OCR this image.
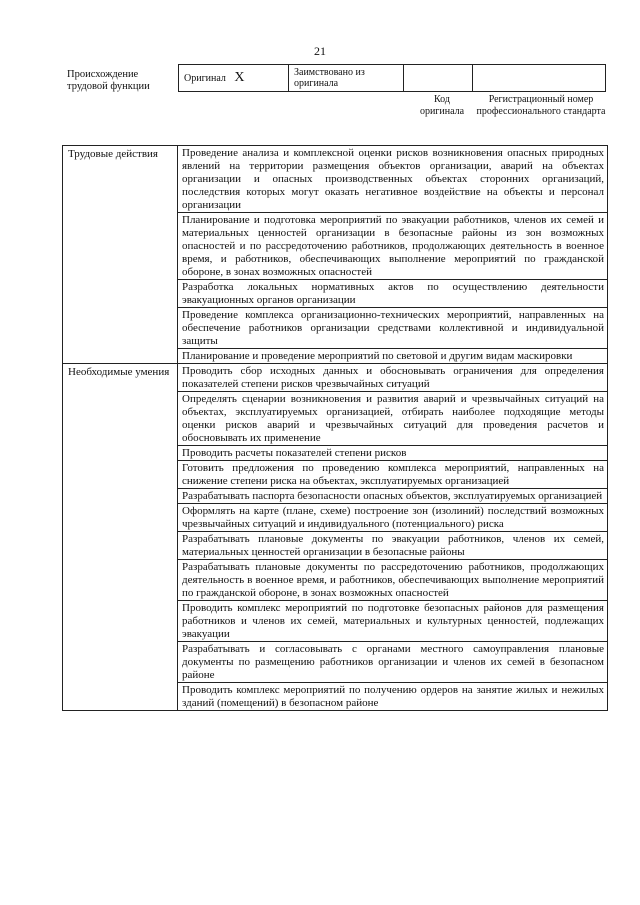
21
Происхождение трудовой функции
Оригинал X	Заимствовано из оригинала		
Код оригинала
Регистрационный номер профессионального стандарта
Трудовые действия	Проведение анализа и комплексной оценки рисков возникновения опасных природных явлений на территории размещения объектов организации, аварий на объектах организации и опасных производственных объектах сторонних организаций, последствия которых могут оказать негативное воздействие на объекты и персонал организации
	Планирование и подготовка мероприятий по эвакуации работников, членов их семей и материальных ценностей организации в безопасные районы из зон возможных опасностей и по рассредоточению работников, продолжающих деятельность в военное время, и работников, обеспечивающих выполнение мероприятий по гражданской обороне, в зонах возможных опасностей
	Разработка локальных нормативных актов по осуществлению деятельности эвакуационных органов организации
	Проведение комплекса организационно-технических мероприятий, направленных на обеспечение работников организации средствами коллективной и индивидуальной защиты
	Планирование и проведение мероприятий по световой и другим видам маскировки
Необходимые умения	Проводить сбор исходных данных и обосновывать ограничения для определения показателей степени рисков чрезвычайных ситуаций
	Определять сценарии возникновения и развития аварий и чрезвычайных ситуаций на объектах, эксплуатируемых организацией, отбирать наиболее подходящие методы оценки рисков аварий и чрезвычайных ситуаций для проведения расчетов и обосновывать их применение
	Проводить расчеты показателей степени рисков
	Готовить предложения по проведению комплекса мероприятий, направленных на снижение степени риска на объектах, эксплуатируемых организацией
	Разрабатывать паспорта безопасности опасных объектов, эксплуатируемых организацией
	Оформлять на карте (плане, схеме) построение зон (изолиний) последствий возможных чрезвычайных ситуаций и индивидуального (потенциального) риска
	Разрабатывать плановые документы по эвакуации работников, членов их семей, материальных ценностей организации в безопасные районы
	Разрабатывать плановые документы по рассредоточению работников, продолжающих деятельность в военное время, и работников, обеспечивающих выполнение мероприятий по гражданской обороне, в зонах возможных опасностей
	Проводить комплекс мероприятий по подготовке безопасных районов для размещения работников и членов их семей, материальных и культурных ценностей, подлежащих эвакуации
	Разрабатывать и согласовывать с органами местного самоуправления плановые документы по размещению работников организации и членов их семей в безопасном районе
	Проводить комплекс мероприятий по получению ордеров на занятие жилых и нежилых зданий (помещений) в безопасном районе
